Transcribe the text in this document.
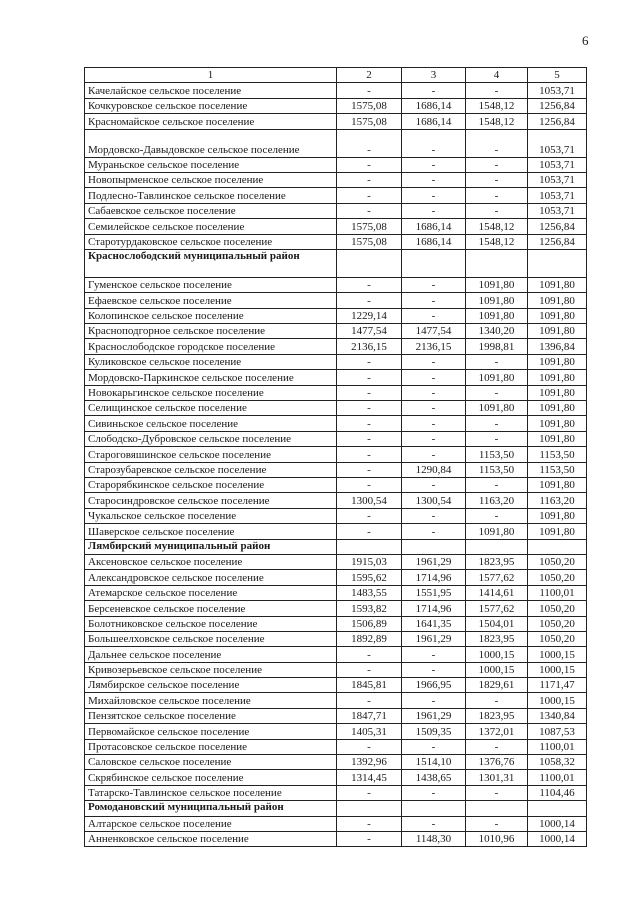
6
1	2	3	4	5
Качелайское сельское поселение	-	-	-	1053,71
Кочкуровское сельское поселение	1575,08	1686,14	1548,12	1256,84
Красномайское сельское поселение	1575,08	1686,14	1548,12	1256,84
Мордовско-Давыдовское сельское поселение	-	-	-	1053,71
Мураньское сельское поселение	-	-	-	1053,71
Новопырменское сельское поселение	-	-	-	1053,71
Подлесно-Тавлинское сельское поселение	-	-	-	1053,71
Сабаевское сельское поселение	-	-	-	1053,71
Семилейское сельское поселение	1575,08	1686,14	1548,12	1256,84
Старотурдаковское сельское поселение	1575,08	1686,14	1548,12	1256,84
Краснослободский муниципальный район				
Гуменское сельское поселение	-	-	1091,80	1091,80
Ефаевское сельское поселение	-	-	1091,80	1091,80
Колопинское сельское поселение	1229,14	-	1091,80	1091,80
Красноподгорное сельское поселение	1477,54	1477,54	1340,20	1091,80
Краснослободское городское поселение	2136,15	2136,15	1998,81	1396,84
Куликовское сельское поселение	-	-	-	1091,80
Мордовско-Паркинское сельское поселение	-	-	1091,80	1091,80
Новокарьгинское сельское поселение	-	-	-	1091,80
Селищинское сельское поселение	-	-	1091,80	1091,80
Сивиньское сельское поселение	-	-	-	1091,80
Слободско-Дубровское сельское поселение	-	-	-	1091,80
Староговяшинское сельское поселение	-	-	1153,50	1153,50
Старозубаревское сельское поселение	-	1290,84	1153,50	1153,50
Старорябкинское сельское поселение	-	-	-	1091,80
Старосиндровское сельское поселение	1300,54	1300,54	1163,20	1163,20
Чукальское сельское поселение	-	-	-	1091,80
Шаверское сельское поселение	-	-	1091,80	1091,80
Лямбирский муниципальный район				
Аксеновское сельское поселение	1915,03	1961,29	1823,95	1050,20
Александровское сельское поселение	1595,62	1714,96	1577,62	1050,20
Атемарское сельское поселение	1483,55	1551,95	1414,61	1100,01
Берсеневское сельское поселение	1593,82	1714,96	1577,62	1050,20
Болотниковское сельское поселение	1506,89	1641,35	1504,01	1050,20
Большеелховское сельское поселение	1892,89	1961,29	1823,95	1050,20
Дальнее сельское поселение	-	-	1000,15	1000,15
Кривозерьевское сельское поселение	-	-	1000,15	1000,15
Лямбирское сельское поселение	1845,81	1966,95	1829,61	1171,47
Михайловское сельское поселение	-	-	-	1000,15
Пензятское сельское поселение	1847,71	1961,29	1823,95	1340,84
Первомайское сельское поселение	1405,31	1509,35	1372,01	1087,53
Протасовское сельское поселение	-	-	-	1100,01
Саловское сельское поселение	1392,96	1514,10	1376,76	1058,32
Скрябинское сельское поселение	1314,45	1438,65	1301,31	1100,01
Татарско-Тавлинское сельское поселение	-	-	-	1104,46
Ромодановский муниципальный район				
Алтарское сельское поселение	-	-	-	1000,14
Анненковское сельское поселение	-	1148,30	1010,96	1000,14
